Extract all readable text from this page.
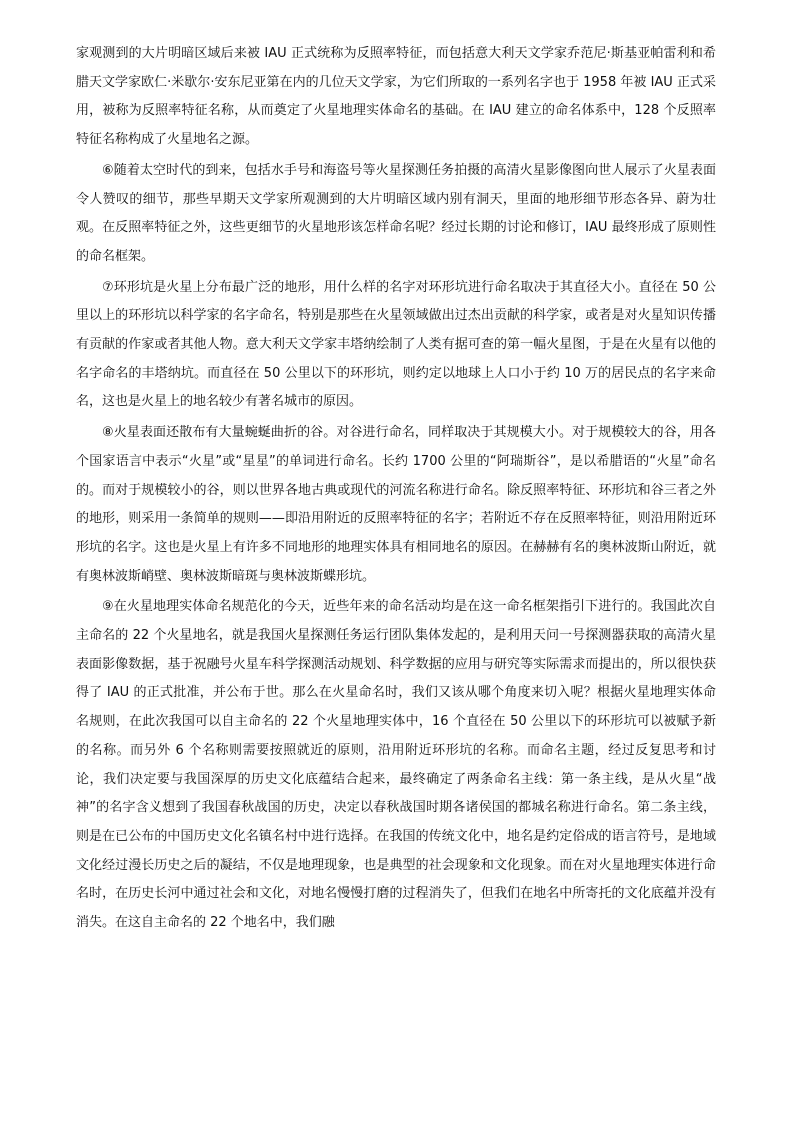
家观测到的大片明暗区域后来被 IAU 正式统称为反照率特征，而包括意大利天文学家乔范尼·斯基亚帕雷利和希腊天文学家欧仁·米歇尔·安东尼亚第在内的几位天文学家，为它们所取的一系列名字也于 1958 年被 IAU 正式采用，被称为反照率特征名称，从而奠定了火星地理实体命名的基础。在 IAU 建立的命名体系中，128 个反照率特征名称构成了火星地名之源。

⑥随着太空时代的到来，包括水手号和海盗号等火星探测任务拍摄的高清火星影像图向世人展示了火星表面令人赞叹的细节，那些早期天文学家所观测到的大片明暗区域内别有洞天，里面的地形细节形态各异、蔚为壮观。在反照率特征之外，这些更细节的火星地形该怎样命名呢？经过长期的讨论和修订，IAU 最终形成了原则性的命名框架。

⑦环形坑是火星上分布最广泛的地形，用什么样的名字对环形坑进行命名取决于其直径大小。直径在 50 公里以上的环形坑以科学家的名字命名，特别是那些在火星领域做出过杰出贡献的科学家，或者是对火星知识传播有贡献的作家或者其他人物。意大利天文学家丰塔纳绘制了人类有据可查的第一幅火星图，于是在火星有以他的名字命名的丰塔纳坑。而直径在 50 公里以下的环形坑，则约定以地球上人口小于约 10 万的居民点的名字来命名，这也是火星上的地名较少有著名城市的原因。

⑧火星表面还散布有大量蜿蜒曲折的谷。对谷进行命名，同样取决于其规模大小。对于规模较大的谷，用各个国家语言中表示“火星”或“星星”的单词进行命名。长约 1700 公里的“阿瑞斯谷”，是以希腊语的“火星”命名的。而对于规模较小的谷，则以世界各地古典或现代的河流名称进行命名。除反照率特征、环形坑和谷三者之外的地形，则采用一条简单的规则——即沿用附近的反照率特征的名字；若附近不存在反照率特征，则沿用附近环形坑的名字。这也是火星上有许多不同地形的地理实体具有相同地名的原因。在赫赫有名的奥林波斯山附近，就有奥林波斯峭壁、奥林波斯暗斑与奥林波斯蝶形坑。

⑨在火星地理实体命名规范化的今天，近些年来的命名活动均是在这一命名框架指引下进行的。我国此次自主命名的 22 个火星地名，就是我国火星探测任务运行团队集体发起的，是利用天问一号探测器获取的高清火星表面影像数据，基于祝融号火星车科学探测活动规划、科学数据的应用与研究等实际需求而提出的，所以很快获得了 IAU 的正式批准，并公布于世。那么在火星命名时，我们又该从哪个角度来切入呢？根据火星地理实体命名规则，在此次我国可以自主命名的 22 个火星地理实体中，16 个直径在 50 公里以下的环形坑可以被赋予新的名称。而另外 6 个名称则需要按照就近的原则，沿用附近环形坑的名称。而命名主题，经过反复思考和讨论，我们决定要与我国深厚的历史文化底蕴结合起来，最终确定了两条命名主线：第一条主线，是从火星“战神”的名字含义想到了我国春秋战国的历史，决定以春秋战国时期各诸侯国的都城名称进行命名。第二条主线，则是在已公布的中国历史文化名镇名村中进行选择。在我国的传统文化中，地名是约定俗成的语言符号，是地域文化经过漫长历史之后的凝结，不仅是地理现象，也是典型的社会现象和文化现象。而在对火星地理实体进行命名时，在历史长河中通过社会和文化，对地名慢慢打磨的过程消失了，但我们在地名中所寄托的文化底蕴并没有消失。在这自主命名的 22 个地名中，我们融
